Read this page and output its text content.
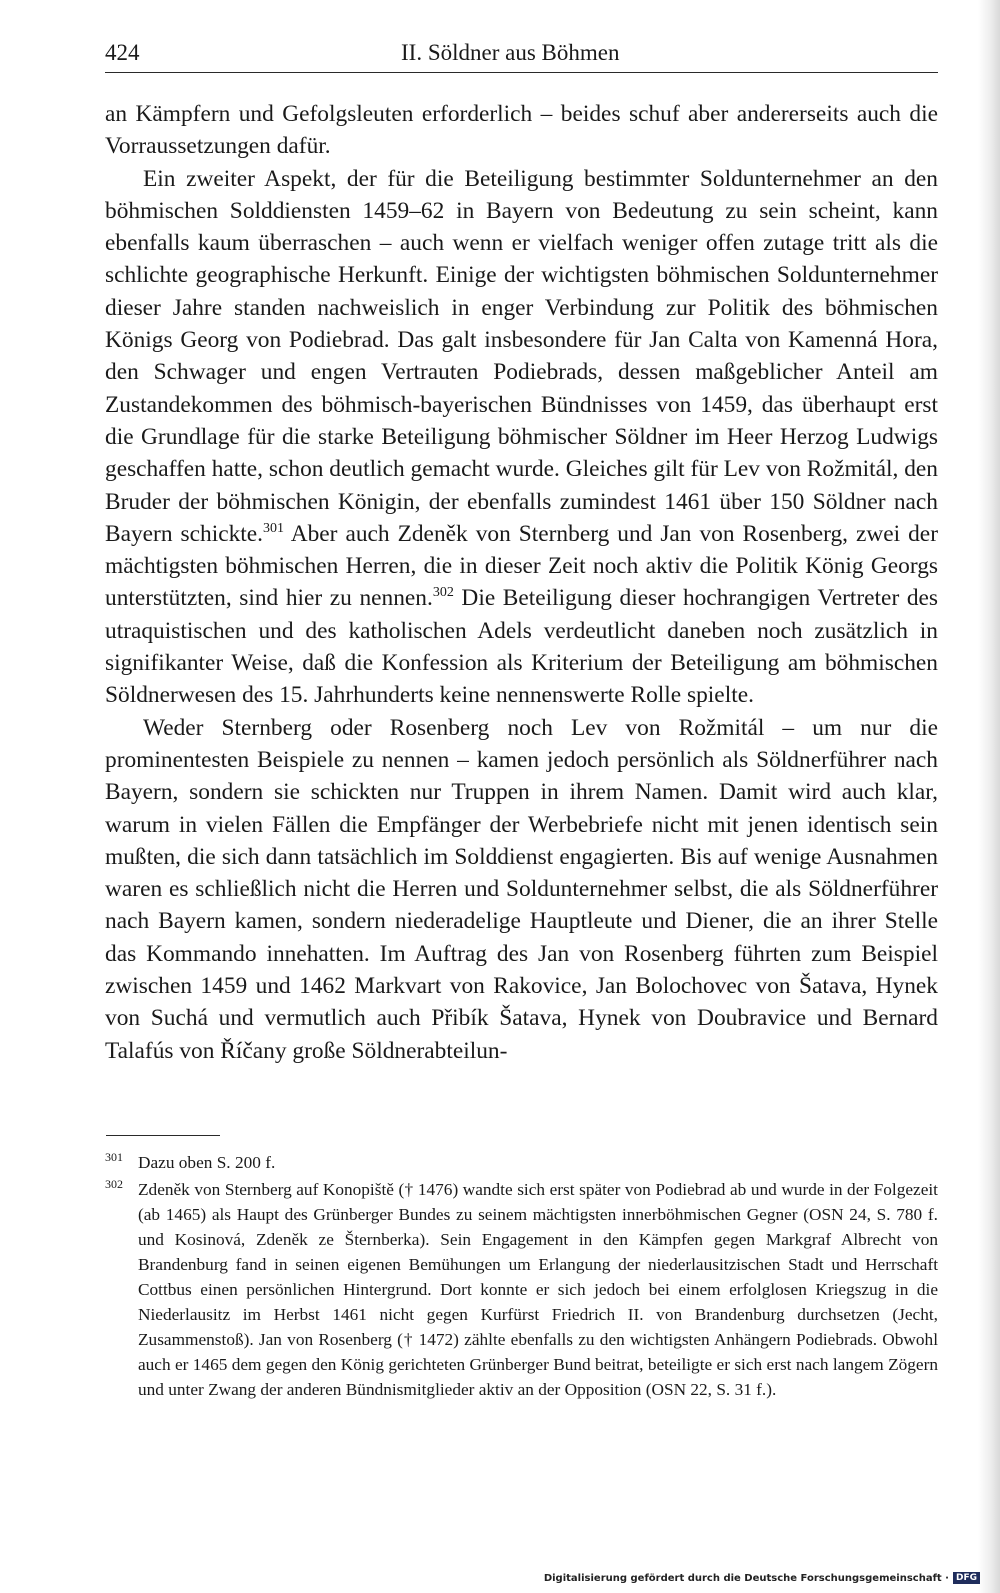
424	II. Söldner aus Böhmen

an Kämpfern und Gefolgsleuten erforderlich – beides schuf aber andererseits auch die Vorraussetzungen dafür.

Ein zweiter Aspekt, der für die Beteiligung bestimmter Soldunternehmer an den böhmischen Solddiensten 1459–62 in Bayern von Bedeutung zu sein scheint, kann ebenfalls kaum überraschen – auch wenn er vielfach weniger offen zutage tritt als die schlichte geographische Herkunft. Einige der wichtigsten böhmischen Soldunternehmer dieser Jahre standen nachweislich in enger Verbindung zur Politik des böhmischen Königs Georg von Podiebrad. Das galt insbesondere für Jan Calta von Kamenná Hora, den Schwager und engen Vertrauten Podiebrads, dessen maßgeblicher Anteil am Zustandekommen des böhmisch-bayerischen Bündnisses von 1459, das überhaupt erst die Grundlage für die starke Beteiligung böhmischer Söldner im Heer Herzog Ludwigs geschaffen hatte, schon deutlich gemacht wurde. Gleiches gilt für Lev von Rožmitál, den Bruder der böhmischen Königin, der ebenfalls zumindest 1461 über 150 Söldner nach Bayern schickte.$^{301}$ Aber auch Zdeněk von Sternberg und Jan von Rosenberg, zwei der mächtigsten böhmischen Herren, die in dieser Zeit noch aktiv die Politik König Georgs unterstützten, sind hier zu nennen.$^{302}$ Die Beteiligung dieser hochrangigen Vertreter des utraquistischen und des katholischen Adels verdeutlicht daneben noch zusätzlich in signifikanter Weise, daß die Konfession als Kriterium der Beteiligung am böhmischen Söldnerwesen des 15. Jahrhunderts keine nennenswerte Rolle spielte.

Weder Sternberg oder Rosenberg noch Lev von Rožmitál – um nur die prominentesten Beispiele zu nennen – kamen jedoch persönlich als Söldnerführer nach Bayern, sondern sie schickten nur Truppen in ihrem Namen. Damit wird auch klar, warum in vielen Fällen die Empfänger der Werbebriefe nicht mit jenen identisch sein mußten, die sich dann tatsächlich im Solddienst engagierten. Bis auf wenige Ausnahmen waren es schließlich nicht die Herren und Soldunternehmer selbst, die als Söldnerführer nach Bayern kamen, sondern niederadelige Hauptleute und Diener, die an ihrer Stelle das Kommando innehatten. Im Auftrag des Jan von Rosenberg führten zum Beispiel zwischen 1459 und 1462 Markvart von Rakovice, Jan Bolochovec von Šatava, Hynek von Suchá und vermutlich auch Přibík Šatava, Hynek von Doubravice und Bernard Talafús von Říčany große Söldnerabteilun-

301 Dazu oben S. 200 f.
302 Zdeněk von Sternberg auf Konopiště († 1476) wandte sich erst später von Podiebrad ab und wurde in der Folgezeit (ab 1465) als Haupt des Grünberger Bundes zu seinem mächtigsten innerböhmischen Gegner (OSN 24, S. 780 f. und Kosinová, Zdeněk ze Šternberka). Sein Engagement in den Kämpfen gegen Markgraf Albrecht von Brandenburg fand in seinen eigenen Bemühungen um Erlangung der niederlausitzischen Stadt und Herrschaft Cottbus einen persönlichen Hintergrund. Dort konnte er sich jedoch bei einem erfolglosen Kriegszug in die Niederlausitz im Herbst 1461 nicht gegen Kurfürst Friedrich II. von Brandenburg durchsetzen (Jecht, Zusammenstoß). Jan von Rosenberg († 1472) zählte ebenfalls zu den wichtigsten Anhängern Podiebrads. Obwohl auch er 1465 dem gegen den König gerichteten Grünberger Bund beitrat, beteiligte er sich erst nach langem Zögern und unter Zwang der anderen Bündnismitglieder aktiv an der Opposition (OSN 22, S. 31 f.).
Digitalisierung gefördert durch die Deutsche Forschungsgemeinschaft · DFG
